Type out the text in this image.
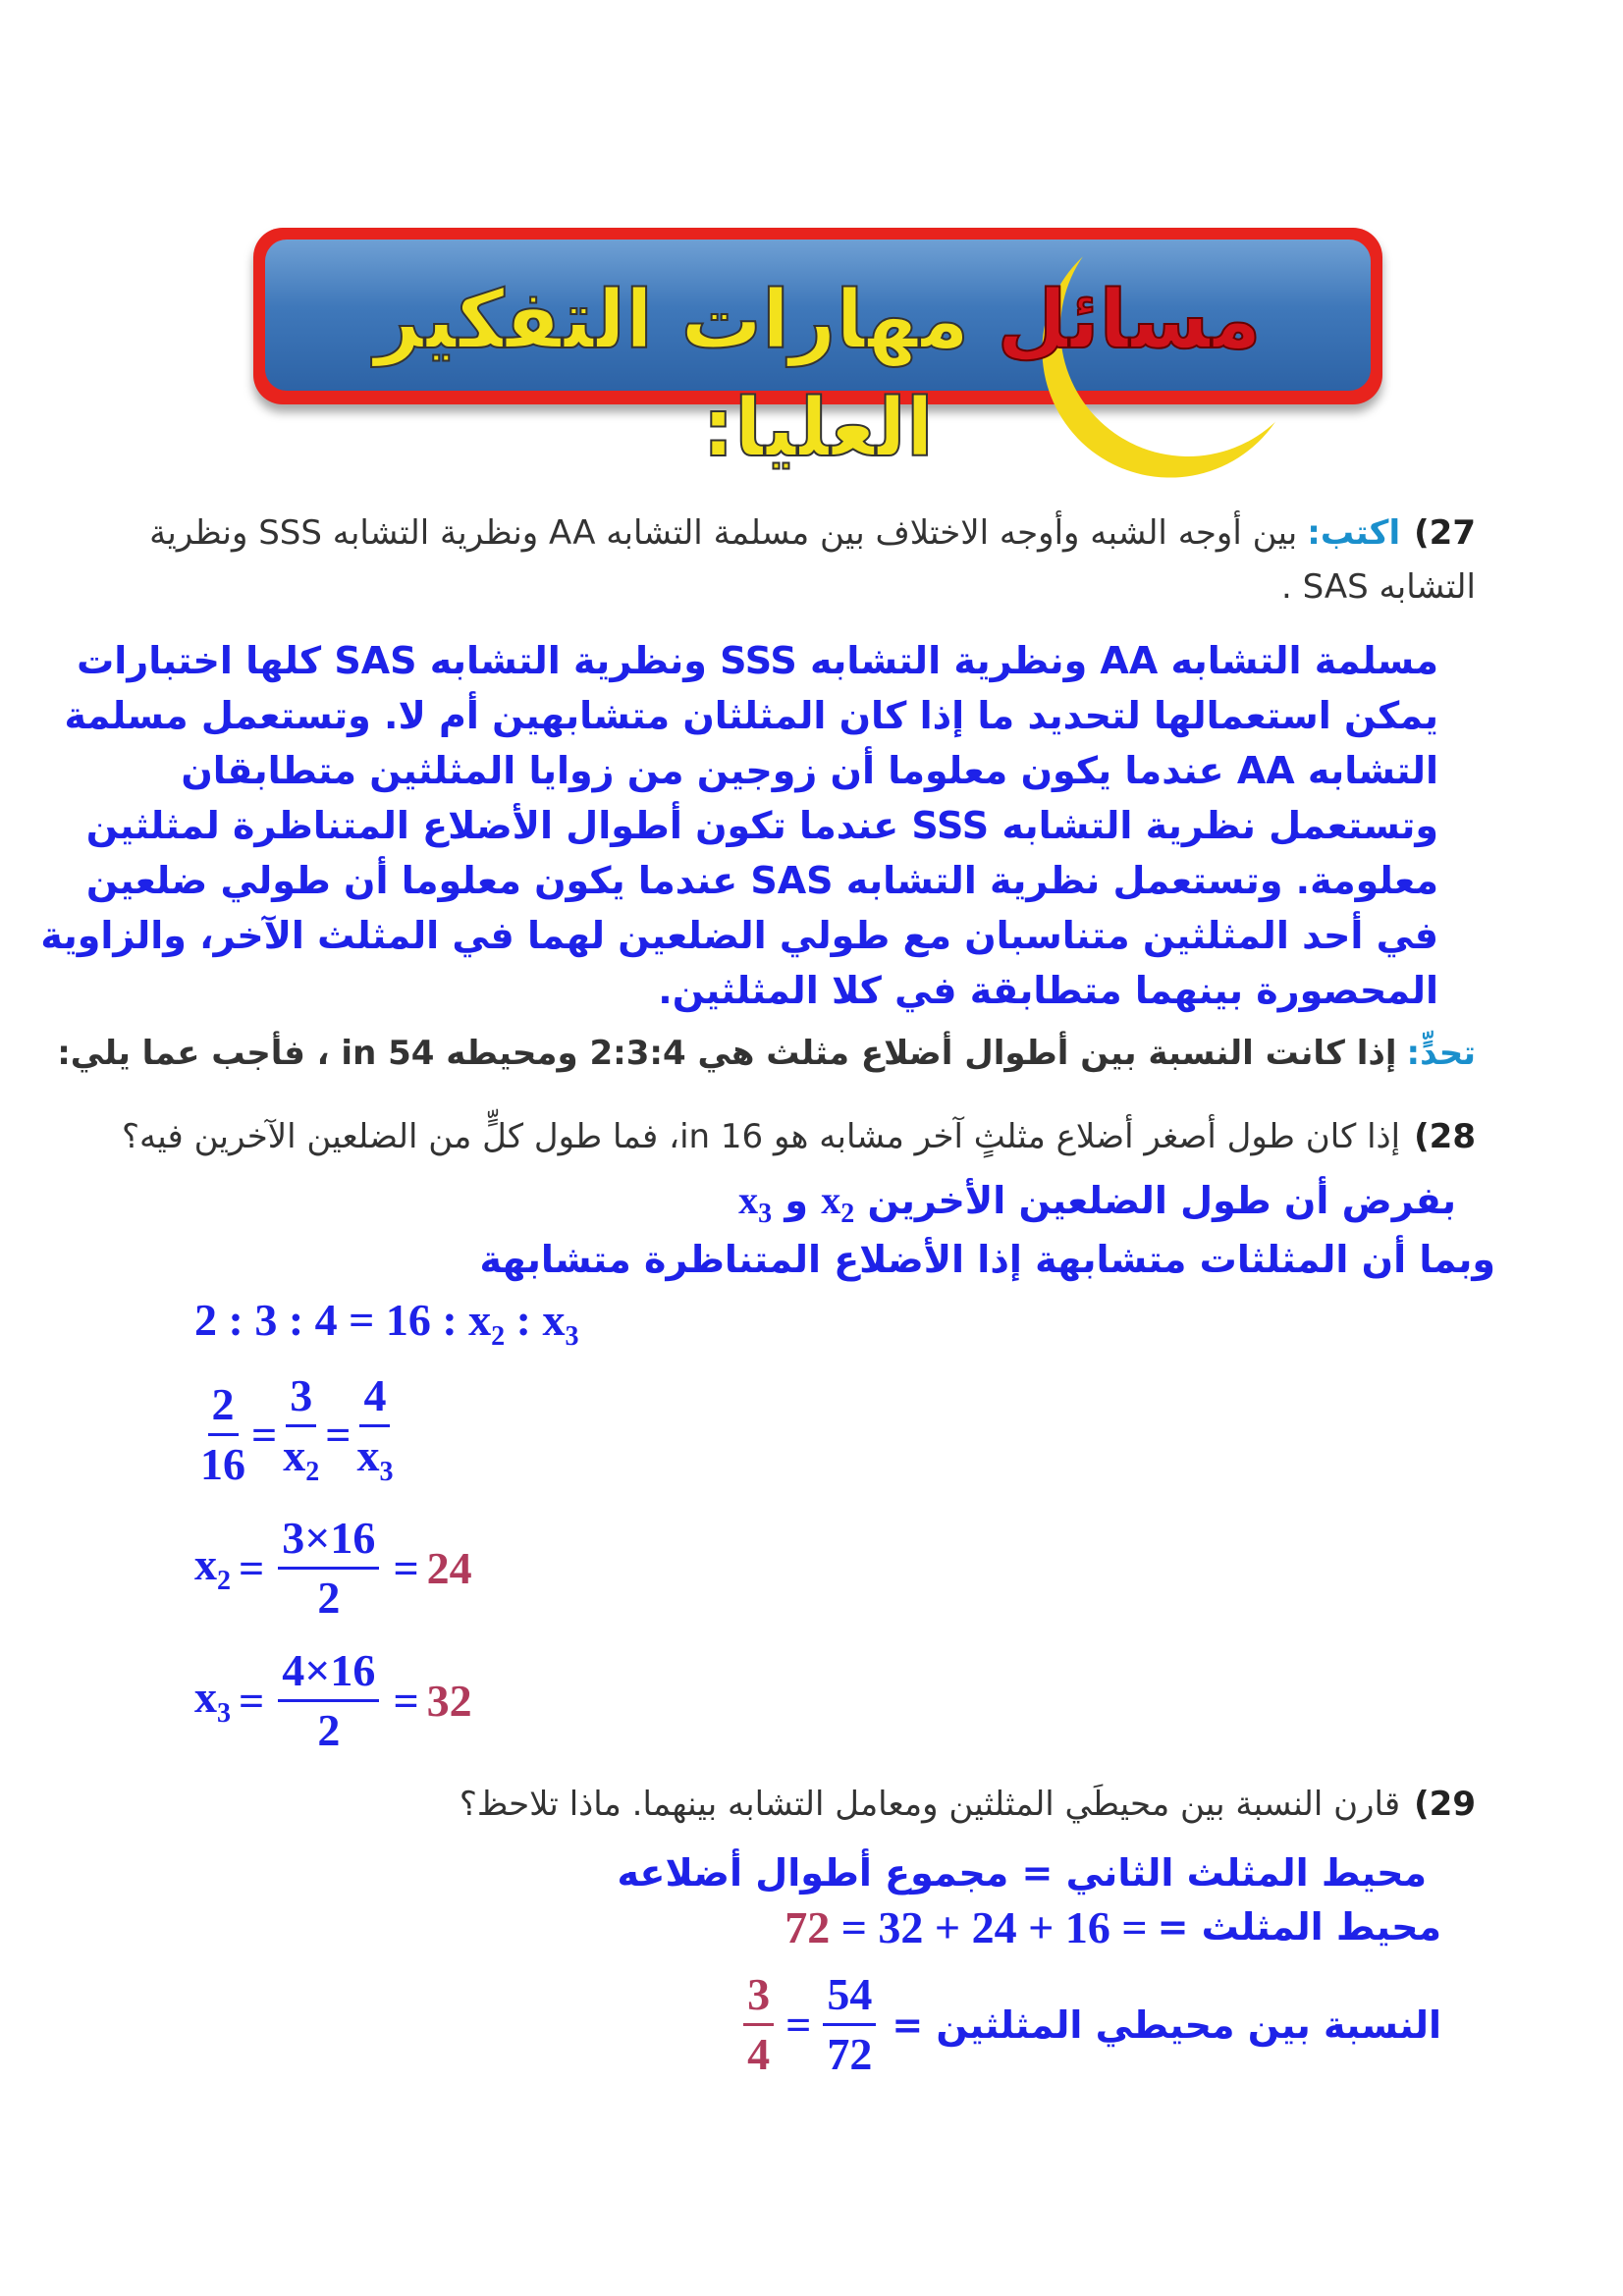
مسائل مهارات التفكير العليا:
27)اكتب:بين أوجه الشبه وأوجه الاختلاف بين مسلمة التشابه AA ونظرية التشابه SSS ونظرية
التشابه SAS .
مسلمة التشابه AA ونظرية التشابه SSS ونظرية التشابه SAS كلها اختبارات
يمكن استعمالها لتحديد ما إذا كان المثلثان متشابهين أم لا. وتستعمل مسلمة
التشابه AA عندما يكون معلوما أن زوجين من زوايا المثلثين متطابقان
وتستعمل نظرية التشابه SSS عندما تكون أطوال الأضلاع المتناظرة لمثلثين
معلومة. وتستعمل نظرية التشابه SAS عندما يكون معلوما أن طولي ضلعين
في أحد المثلثين متناسبان مع طولي الضلعين لهما في المثلث الآخر، والزاوية
المحصورة بينهما متطابقة في كلا المثلثين.
تحدٍّ:إذا كانت النسبة بين أطوال أضلاع مثلث هي 2:3:4 ومحيطه 54 in ، فأجب عما يلي:
28)إذا كان طول أصغر أضلاع مثلثٍ آخر مشابه هو 16 in، فما طول كلٍّ من الضلعين الآخرين فيه؟
بفرض أن طول الضلعين الأخرين $x_2$ و $x_3$
وبما أن المثلثات متشابهة إذا الأضلاع المتناظرة متشابهة
2 : 3 : 4 = 16 : $x_2$ : $x_3$
$\frac{2}{16} = \frac{3}{x_2} = \frac{4}{x_3}$
$x_2 = \frac{3\times 16}{2} = 24$
$x_3 = \frac{4\times 16}{2} = 32$
29)قارن النسبة بين محيطَي المثلثين ومعامل التشابه بينهما. ماذا تلاحظ؟
محيط المثلث الثاني = مجموع أطوال أضلاعه
محيط المثلث =
72 = 32 + 24 + 16 =
النسبة بين محيطي المثلثين =
$\frac{3}{4} = \frac{54}{72}$
